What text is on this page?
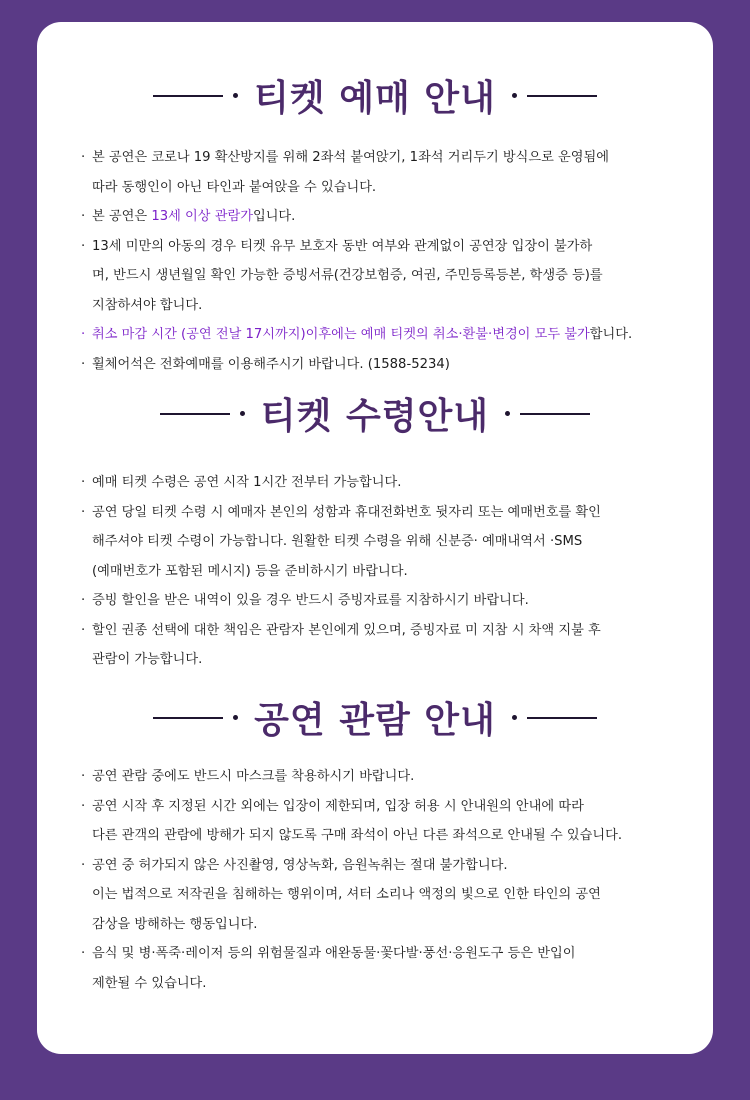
티켓 예매 안내
· 본 공연은 코로나 19 확산방지를 위해 2좌석 붙여앉기, 1좌석 거리두기 방식으로 운영됨에
따라 동행인이 아닌 타인과 붙여앉을 수 있습니다.
· 본 공연은 13세 이상 관람가입니다.
· 13세 미만의 아동의 경우 티켓 유무 보호자 동반 여부와 관계없이 공연장 입장이 불가하
며, 반드시 생년월일 확인 가능한 증빙서류(건강보험증, 여권, 주민등록등본, 학생증 등)를
지참하셔야 합니다.
· 취소 마감 시간 (공연 전날 17시까지)이후에는 예매 티켓의 취소·환불·변경이 모두 불가합니다.
· 휠체어석은 전화예매를 이용해주시기 바랍니다. (1588-5234)
티켓 수령안내
· 예매 티켓 수령은 공연 시작 1시간 전부터 가능합니다.
· 공연 당일 티켓 수령 시 예매자 본인의 성함과 휴대전화번호 뒷자리 또는 예매번호를 확인
해주셔야 티켓 수령이 가능합니다. 원활한 티켓 수령을 위해 신분증· 예매내역서 ·SMS
(예매번호가 포함된 메시지) 등을 준비하시기 바랍니다.
· 증빙 할인을 받은 내역이 있을 경우 반드시 증빙자료를 지참하시기 바랍니다.
· 할인 권종 선택에 대한 책임은 관람자 본인에게 있으며, 증빙자료 미 지참 시 차액 지불 후
관람이 가능합니다.
공연 관람 안내
· 공연 관람 중에도 반드시 마스크를 착용하시기 바랍니다.
· 공연 시작 후 지정된 시간 외에는 입장이 제한되며, 입장 허용 시 안내원의 안내에 따라
다른 관객의 관람에 방해가 되지 않도록 구매 좌석이 아닌 다른 좌석으로 안내될 수 있습니다.
· 공연 중 허가되지 않은 사진촬영, 영상녹화, 음원녹취는 절대 불가합니다.
이는 법적으로 저작권을 침해하는 행위이며, 셔터 소리나 액정의 빛으로 인한 타인의 공연
감상을 방해하는 행동입니다.
· 음식 및 병·폭죽·레이저 등의 위험물질과 애완동물·꽃다발·풍선·응원도구 등은 반입이
제한될 수 있습니다.
